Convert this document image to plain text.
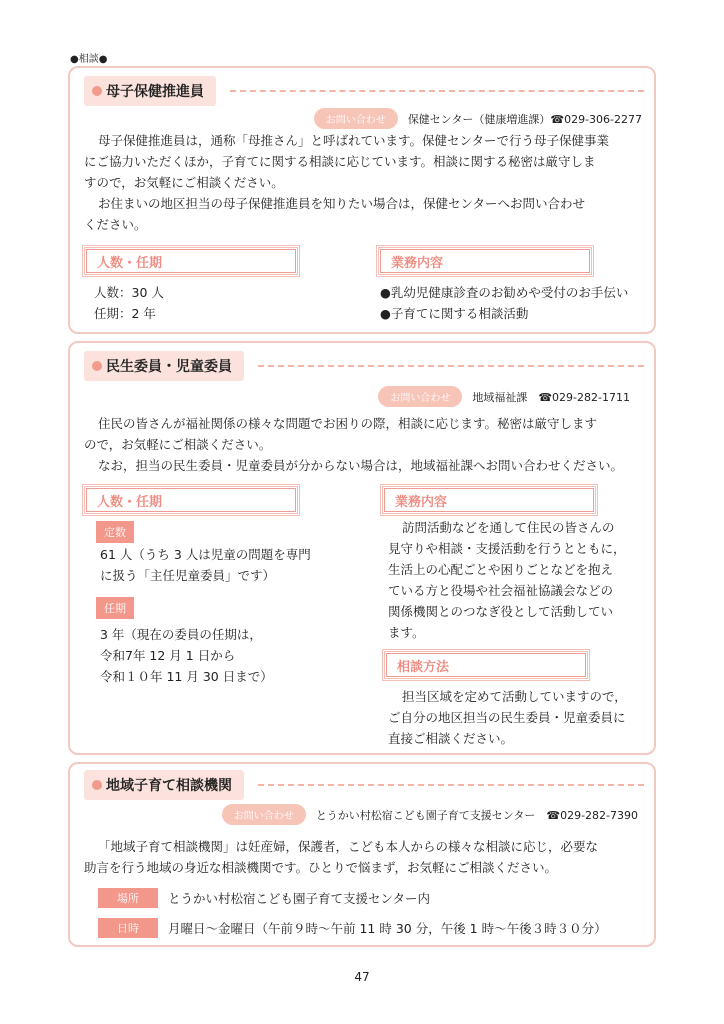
●相談●
母子保健推進員
お問い合わせ	保健センター（健康増進課）☎029-306-2277
母子保健推進員は，通称「母推さん」と呼ばれています。保健センターで行う母子保健事業
にご協力いただくほか，子育てに関する相談に応じています。相談に関する秘密は厳守しま
すので，お気軽にご相談ください。
お住まいの地区担当の母子保健推進員を知りたい場合は，保健センターへお問い合わせ
ください。
人数・任期	業務内容
人数：30 人
任期：2 年
●乳幼児健康診査のお勧めや受付のお手伝い
●子育てに関する相談活動
民生委員・児童委員
お問い合わせ	地域福祉課　☎029-282-1711
住民の皆さんが福祉関係の様々な問題でお困りの際，相談に応じます。秘密は厳守します
ので，お気軽にご相談ください。
なお，担当の民生委員・児童委員が分からない場合は，地域福祉課へお問い合わせください。
人数・任期	業務内容
定数
61 人（うち 3 人は児童の問題を専門
に扱う「主任児童委員」です）
任期
3 年（現在の委員の任期は，
令和7年 12 月 1 日から
令和１０年 11 月 30 日まで）
訪問活動などを通して住民の皆さんの
見守りや相談・支援活動を行うとともに，
生活上の心配ごとや困りごとなどを抱え
ている方と役場や社会福祉協議会などの
関係機関とのつなぎ役として活動してい
ます。
相談方法
担当区域を定めて活動していますので，
ご自分の地区担当の民生委員・児童委員に
直接ご相談ください。
地域子育て相談機関
お問い合わせ	とうかい村松宿こども園子育て支援センター　☎029-282-7390
「地域子育て相談機関」は妊産婦，保護者，こども本人からの様々な相談に応じ，必要な
助言を行う地域の身近な相談機関です。ひとりで悩まず，お気軽にご相談ください。
場所	とうかい村松宿こども園子育て支援センター内
日時	月曜日～金曜日（午前９時～午前 11 時 30 分，午後 1 時～午後３時３０分）
47
